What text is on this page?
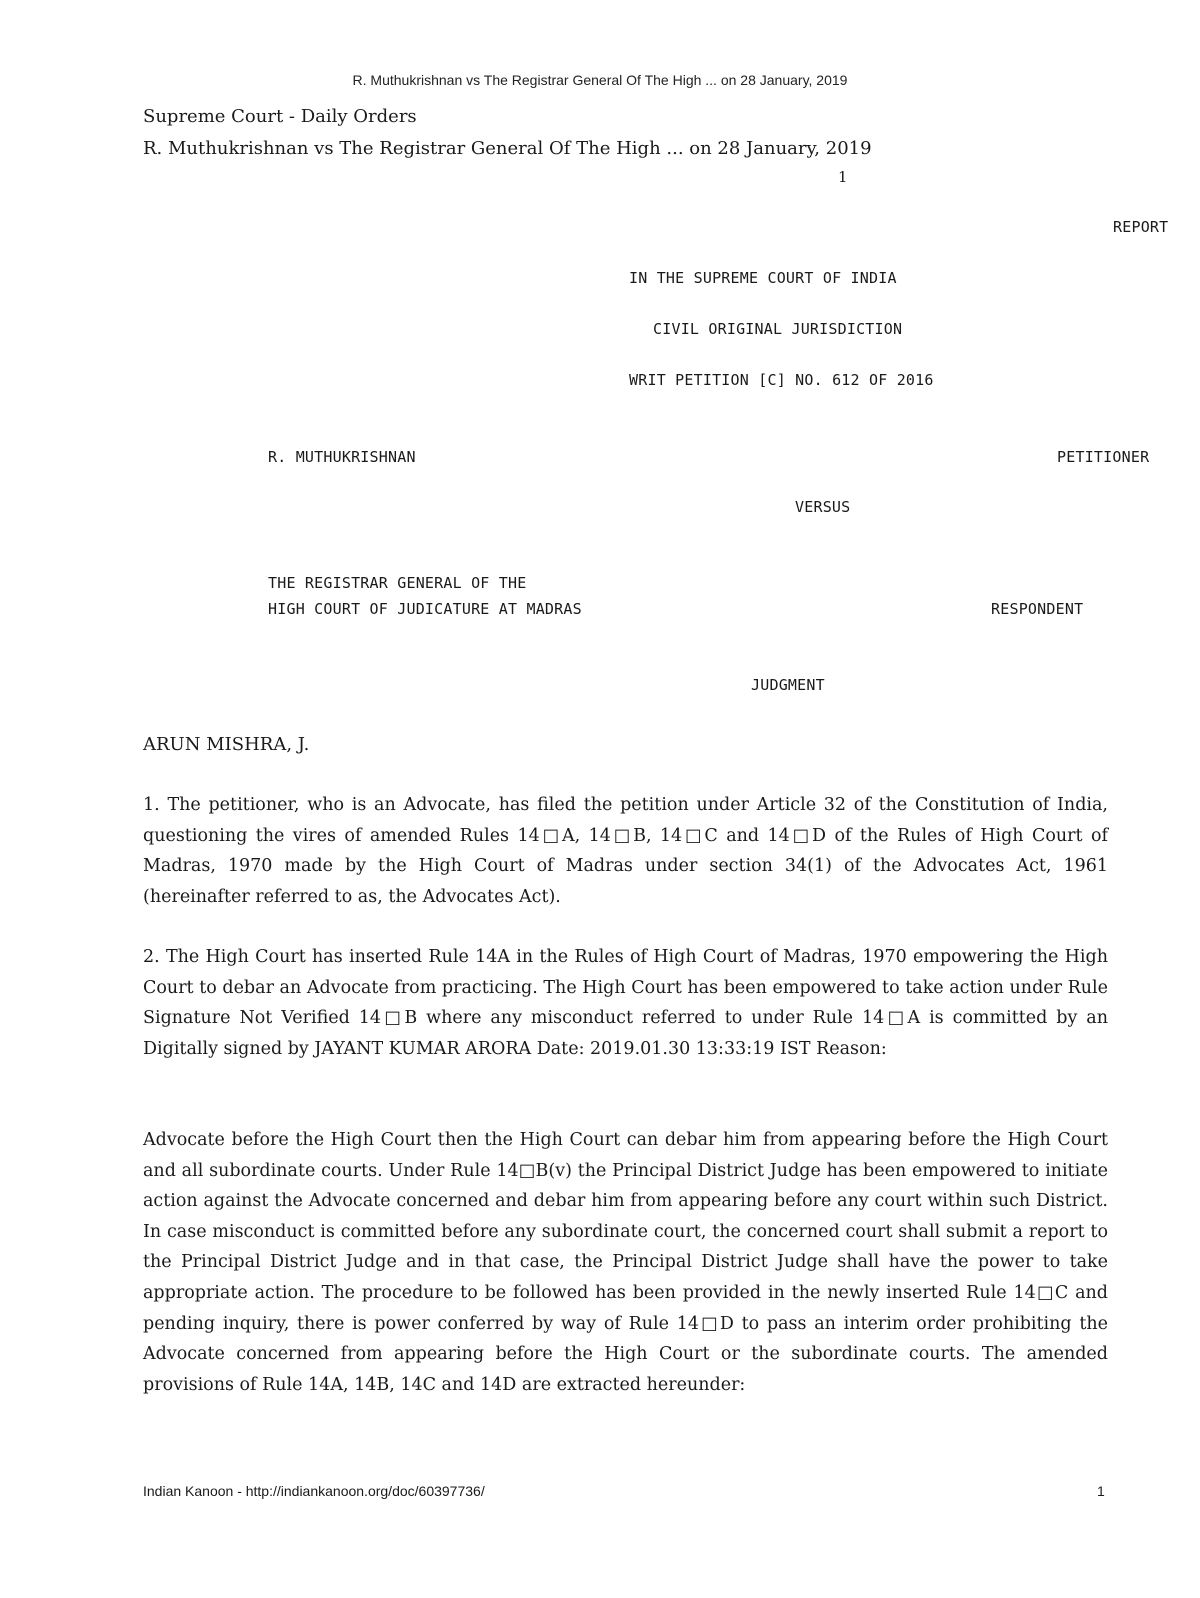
R. Muthukrishnan vs The Registrar General Of The High ... on 28 January, 2019
Supreme Court - Daily Orders
R. Muthukrishnan vs The Registrar General Of The High ... on 28 January, 2019
1
REPORT
IN THE SUPREME COURT OF INDIA
CIVIL ORIGINAL JURISDICTION
WRIT PETITION [C] NO. 612 OF 2016
R. MUTHUKRISHNAN	PETITIONER
VERSUS
THE REGISTRAR GENERAL OF THE
HIGH COURT OF JUDICATURE AT MADRAS	RESPONDENT
JUDGMENT
ARUN MISHRA, J.

1. The petitioner, who is an Advocate, has filed the petition under Article 32 of the Constitution of India, questioning the vires of amended Rules 14□A, 14□B, 14□C and 14□D of the Rules of High Court of Madras, 1970 made by the High Court of Madras under section 34(1) of the Advocates Act, 1961 (hereinafter referred to as, the Advocates Act).

2. The High Court has inserted Rule 14A in the Rules of High Court of Madras, 1970 empowering the High Court to debar an Advocate from practicing. The High Court has been empowered to take action under Rule Signature Not Verified 14□B where any misconduct referred to under Rule 14□A is committed by an Digitally signed by JAYANT KUMAR ARORA Date: 2019.01.30 13:33:19 IST Reason:

Advocate before the High Court then the High Court can debar him from appearing before the High Court and all subordinate courts. Under Rule 14□B(v) the Principal District Judge has been empowered to initiate action against the Advocate concerned and debar him from appearing before any court within such District. In case misconduct is committed before any subordinate court, the concerned court shall submit a report to the Principal District Judge and in that case, the Principal District Judge shall have the power to take appropriate action. The procedure to be followed has been provided in the newly inserted Rule 14□C and pending inquiry, there is power conferred by way of Rule 14□D to pass an interim order prohibiting the Advocate concerned from appearing before the High Court or the subordinate courts. The amended provisions of Rule 14A, 14B, 14C and 14D are extracted hereunder:

Indian Kanoon - http://indiankanoon.org/doc/60397736/	1
